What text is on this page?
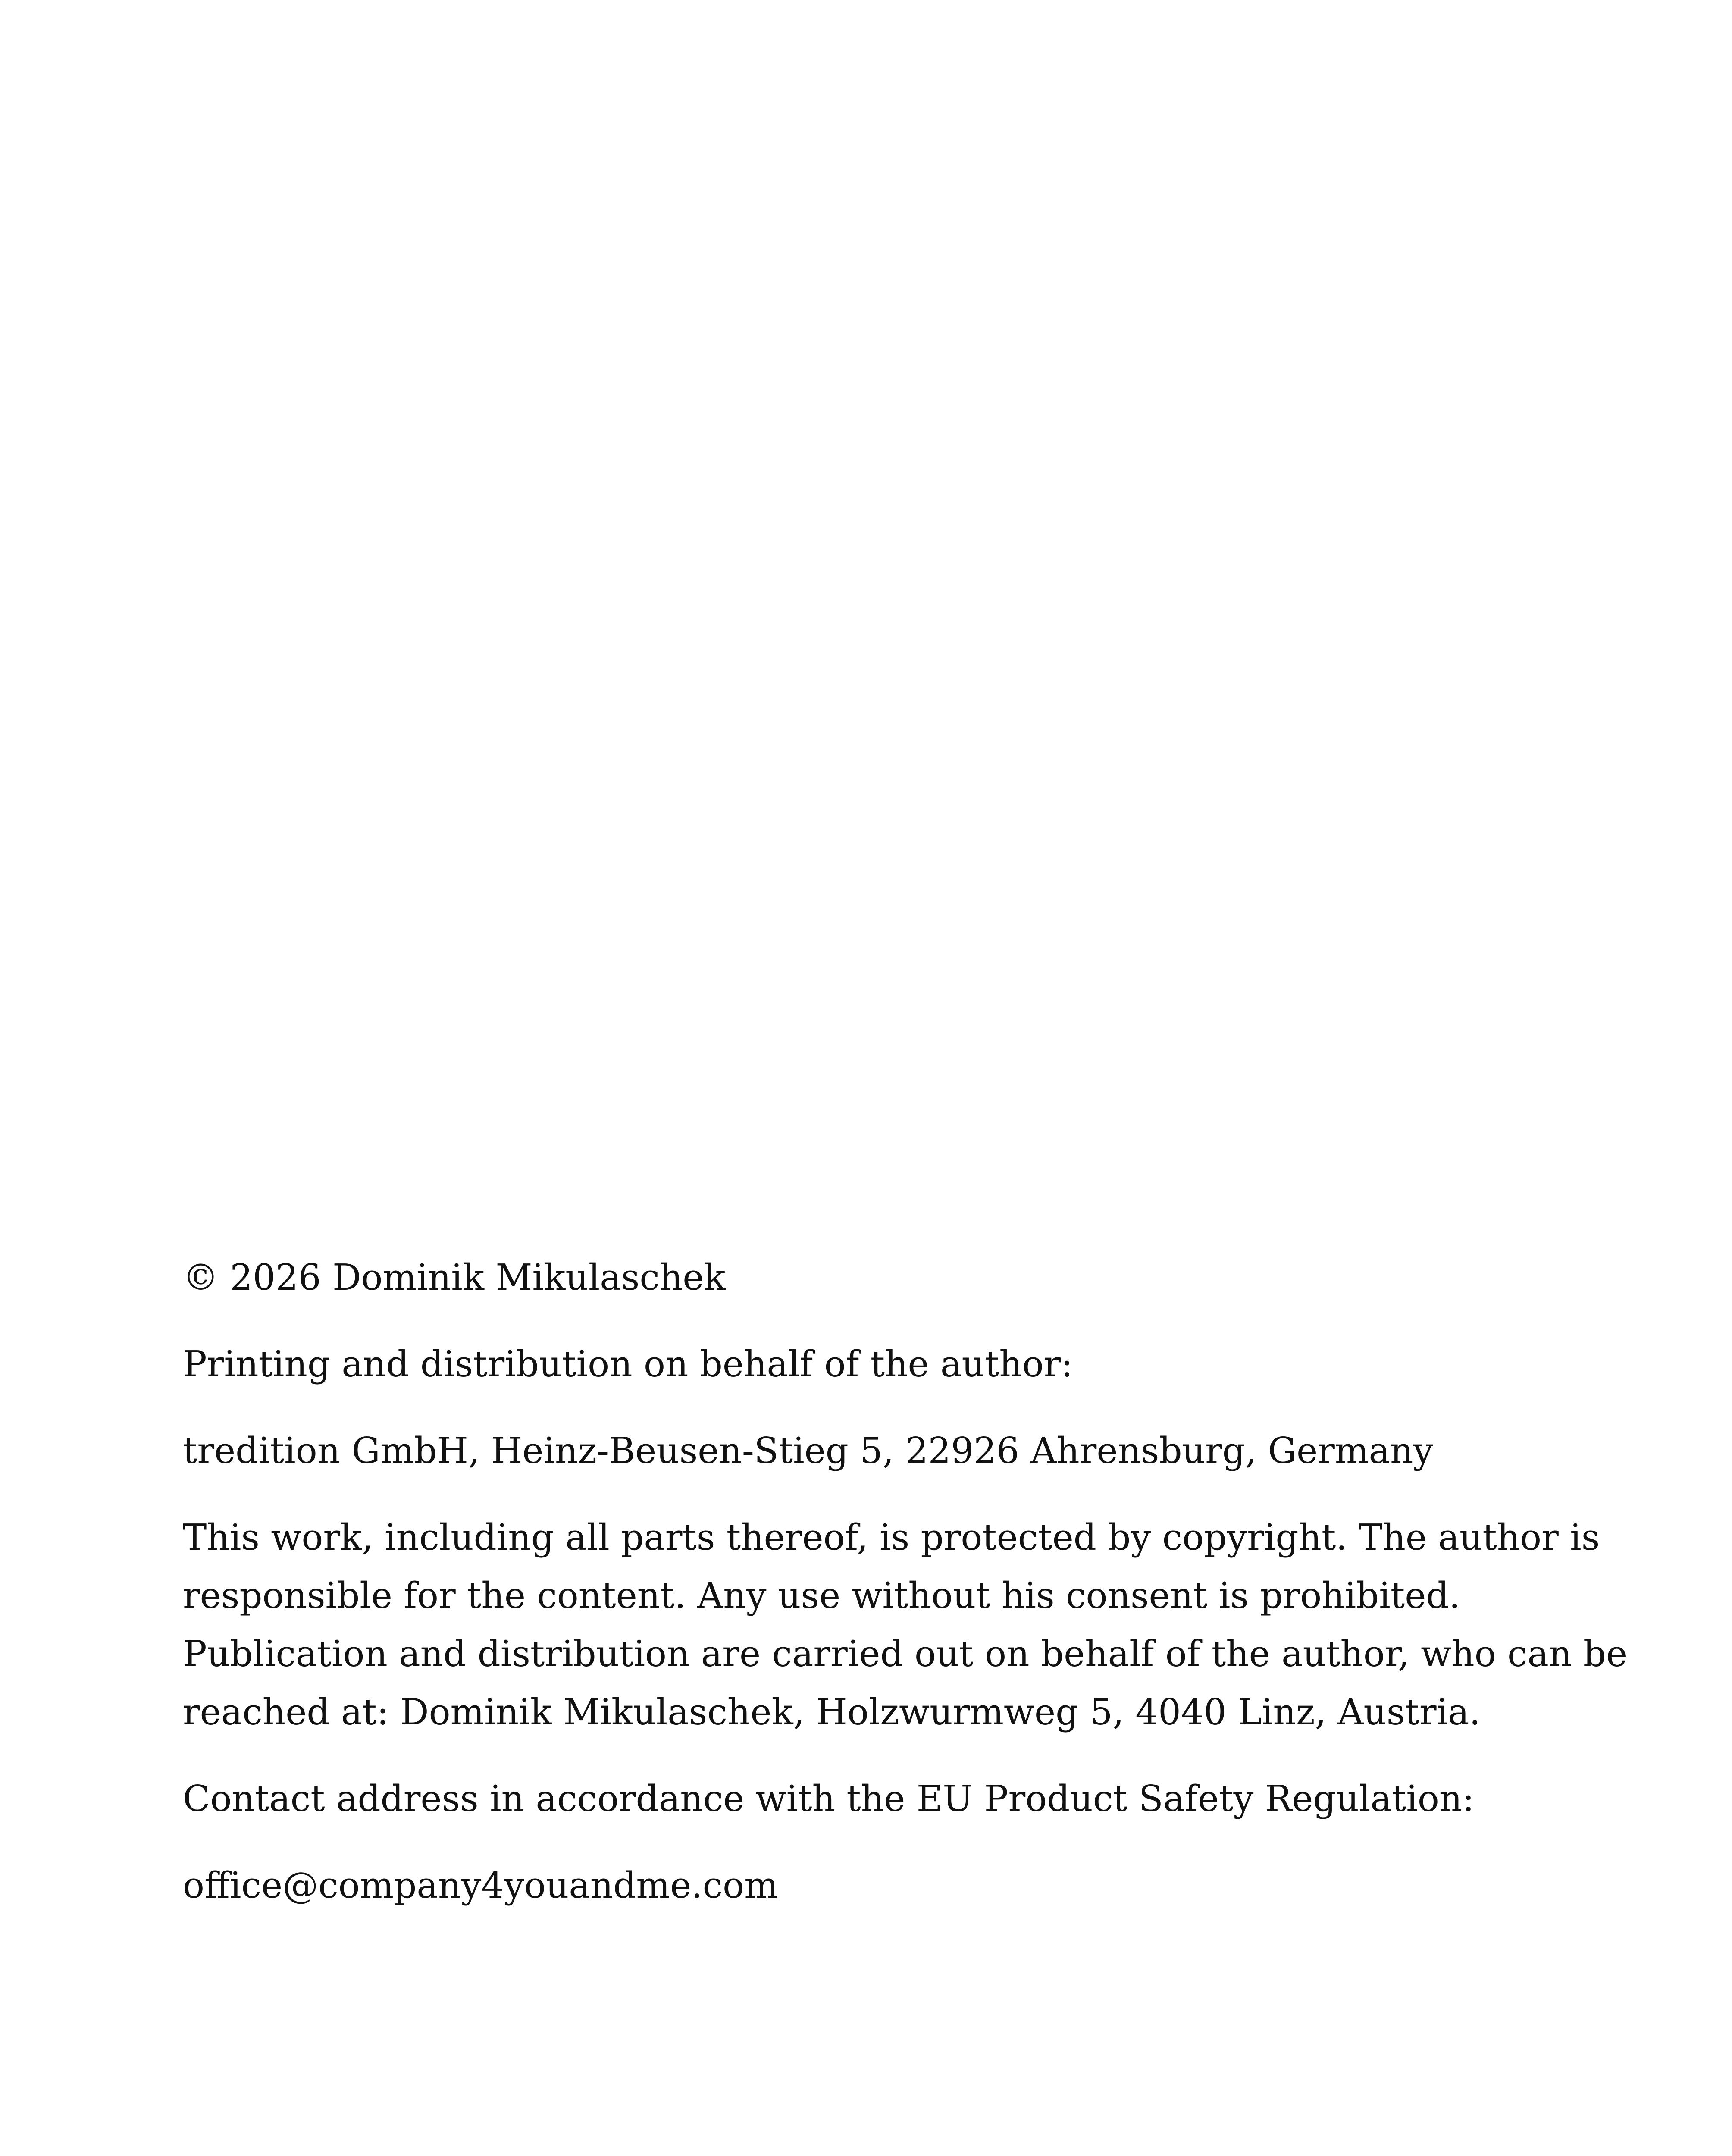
© 2026 Dominik Mikulaschek

Printing and distribution on behalf of the author:

tredition GmbH, Heinz-Beusen-Stieg 5, 22926 Ahrensburg, Germany

This work, including all parts thereof, is protected by copyright. The author is
responsible for the content. Any use without his consent is prohibited.
Publication and distribution are carried out on behalf of the author, who can be
reached at: Dominik Mikulaschek, Holzwurmweg 5, 4040 Linz, Austria.

Contact address in accordance with the EU Product Safety Regulation:

office@company4youandme.com
